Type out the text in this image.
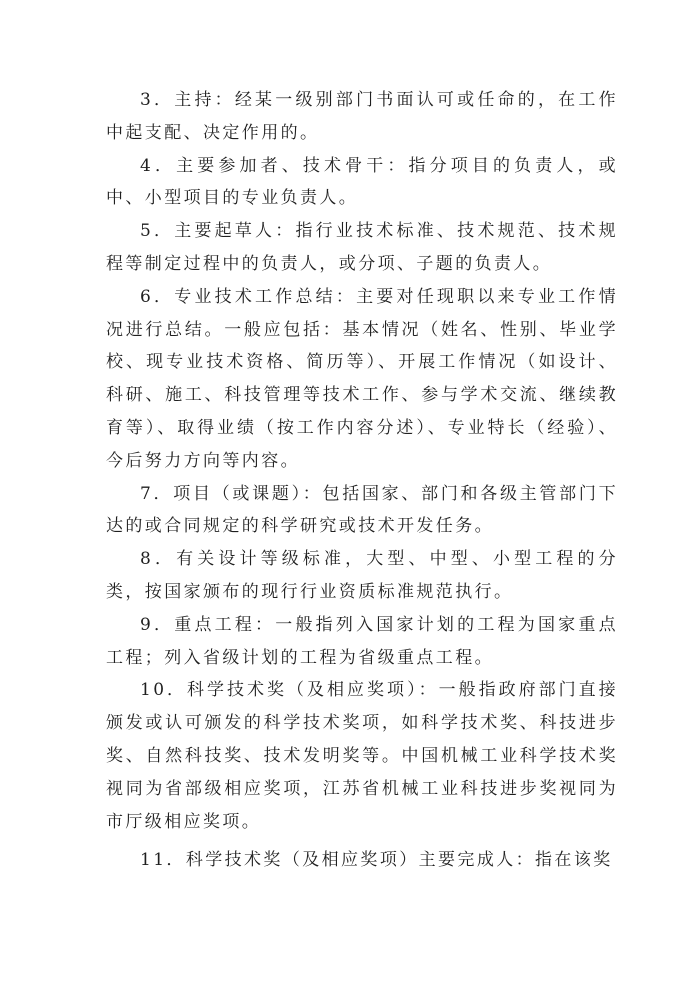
3．主持：经某一级别部门书面认可或任命的，在工作中起支配、决定作用的。

4．主要参加者、技术骨干：指分项目的负责人，或中、小型项目的专业负责人。

5．主要起草人：指行业技术标准、技术规范、技术规程等制定过程中的负责人，或分项、子题的负责人。

6．专业技术工作总结：主要对任现职以来专业工作情况进行总结。一般应包括：基本情况（姓名、性别、毕业学校、现专业技术资格、简历等）、开展工作情况（如设计、科研、施工、科技管理等技术工作、参与学术交流、继续教育等）、取得业绩（按工作内容分述）、专业特长（经验）、今后努力方向等内容。

7．项目（或课题）：包括国家、部门和各级主管部门下达的或合同规定的科学研究或技术开发任务。

8．有关设计等级标准，大型、中型、小型工程的分类，按国家颁布的现行行业资质标准规范执行。

9．重点工程：一般指列入国家计划的工程为国家重点工程；列入省级计划的工程为省级重点工程。

10．科学技术奖（及相应奖项）：一般指政府部门直接颁发或认可颁发的科学技术奖项，如科学技术奖、科技进步奖、自然科技奖、技术发明奖等。中国机械工业科学技术奖视同为省部级相应奖项，江苏省机械工业科技进步奖视同为市厅级相应奖项。

11．科学技术奖（及相应奖项）主要完成人：指在该奖
